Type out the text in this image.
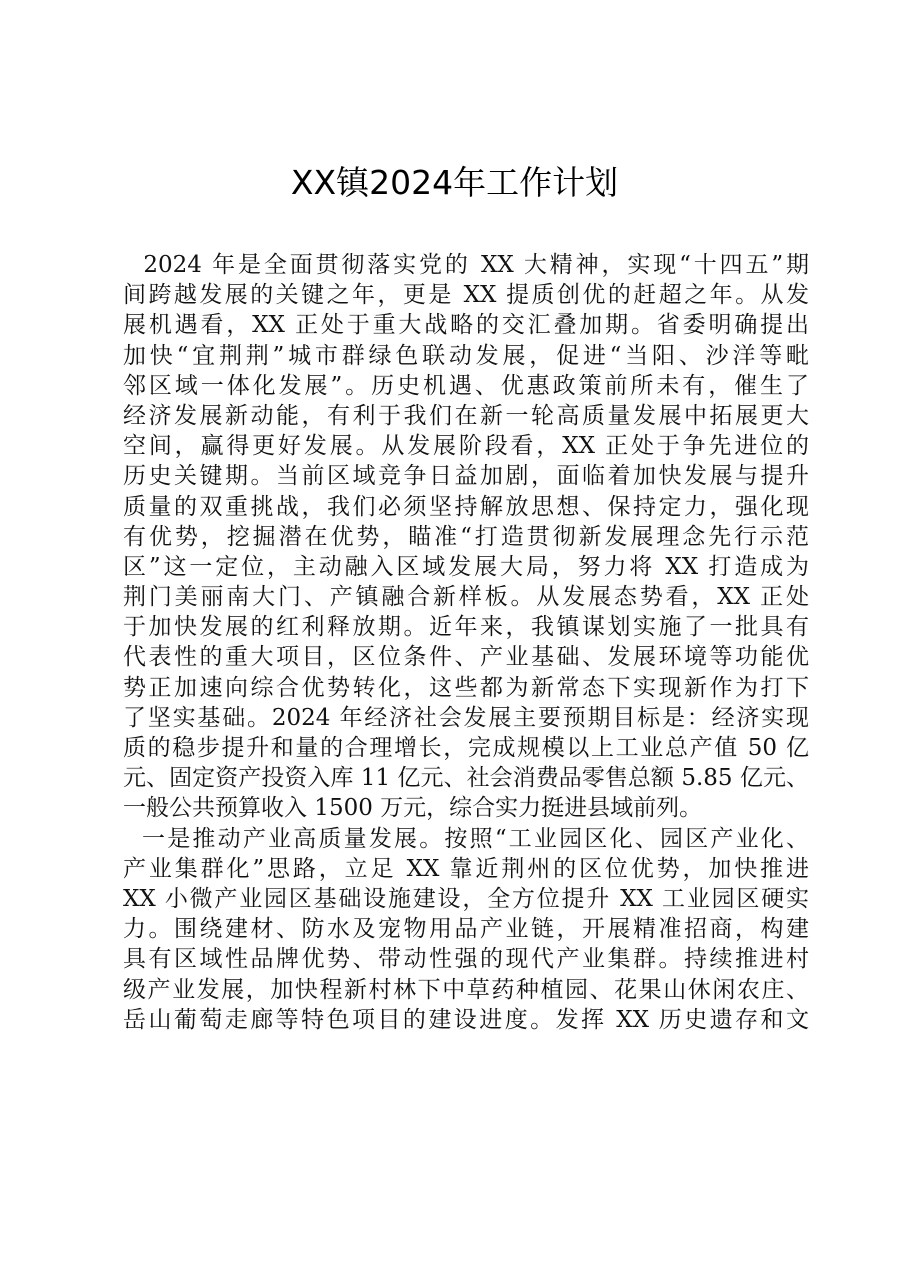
XX镇2024年工作计划
2024 年是全面贯彻落实党的 XX 大精神，实现“十四五”期
间跨越发展的关键之年，更是 XX 提质创优的赶超之年。从发
展机遇看，XX 正处于重大战略的交汇叠加期。省委明确提出
加快“宜荆荆”城市群绿色联动发展，促进“当阳、沙洋等毗
邻区域一体化发展”。历史机遇、优惠政策前所未有，催生了
经济发展新动能，有利于我们在新一轮高质量发展中拓展更大
空间，赢得更好发展。从发展阶段看，XX 正处于争先进位的
历史关键期。当前区域竞争日益加剧，面临着加快发展与提升
质量的双重挑战，我们必须坚持解放思想、保持定力，强化现
有优势，挖掘潜在优势，瞄准“打造贯彻新发展理念先行示范
区”这一定位，主动融入区域发展大局，努力将 XX 打造成为
荆门美丽南大门、产镇融合新样板。从发展态势看，XX 正处
于加快发展的红利释放期。近年来，我镇谋划实施了一批具有
代表性的重大项目，区位条件、产业基础、发展环境等功能优
势正加速向综合优势转化，这些都为新常态下实现新作为打下
了坚实基础。2024 年经济社会发展主要预期目标是：经济实现
质的稳步提升和量的合理增长，完成规模以上工业总产值 50 亿
元、固定资产投资入库 11 亿元、社会消费品零售总额 5.85 亿元、
一般公共预算收入 1500 万元，综合实力挺进县域前列。
一是推动产业高质量发展。按照“工业园区化、园区产业化、
产业集群化”思路，立足 XX 靠近荆州的区位优势，加快推进
XX 小微产业园区基础设施建设，全方位提升 XX 工业园区硬实
力。围绕建材、防水及宠物用品产业链，开展精准招商，构建
具有区域性品牌优势、带动性强的现代产业集群。持续推进村
级产业发展，加快程新村林下中草药种植园、花果山休闲农庄、
岳山葡萄走廊等特色项目的建设进度。发挥 XX 历史遗存和文
